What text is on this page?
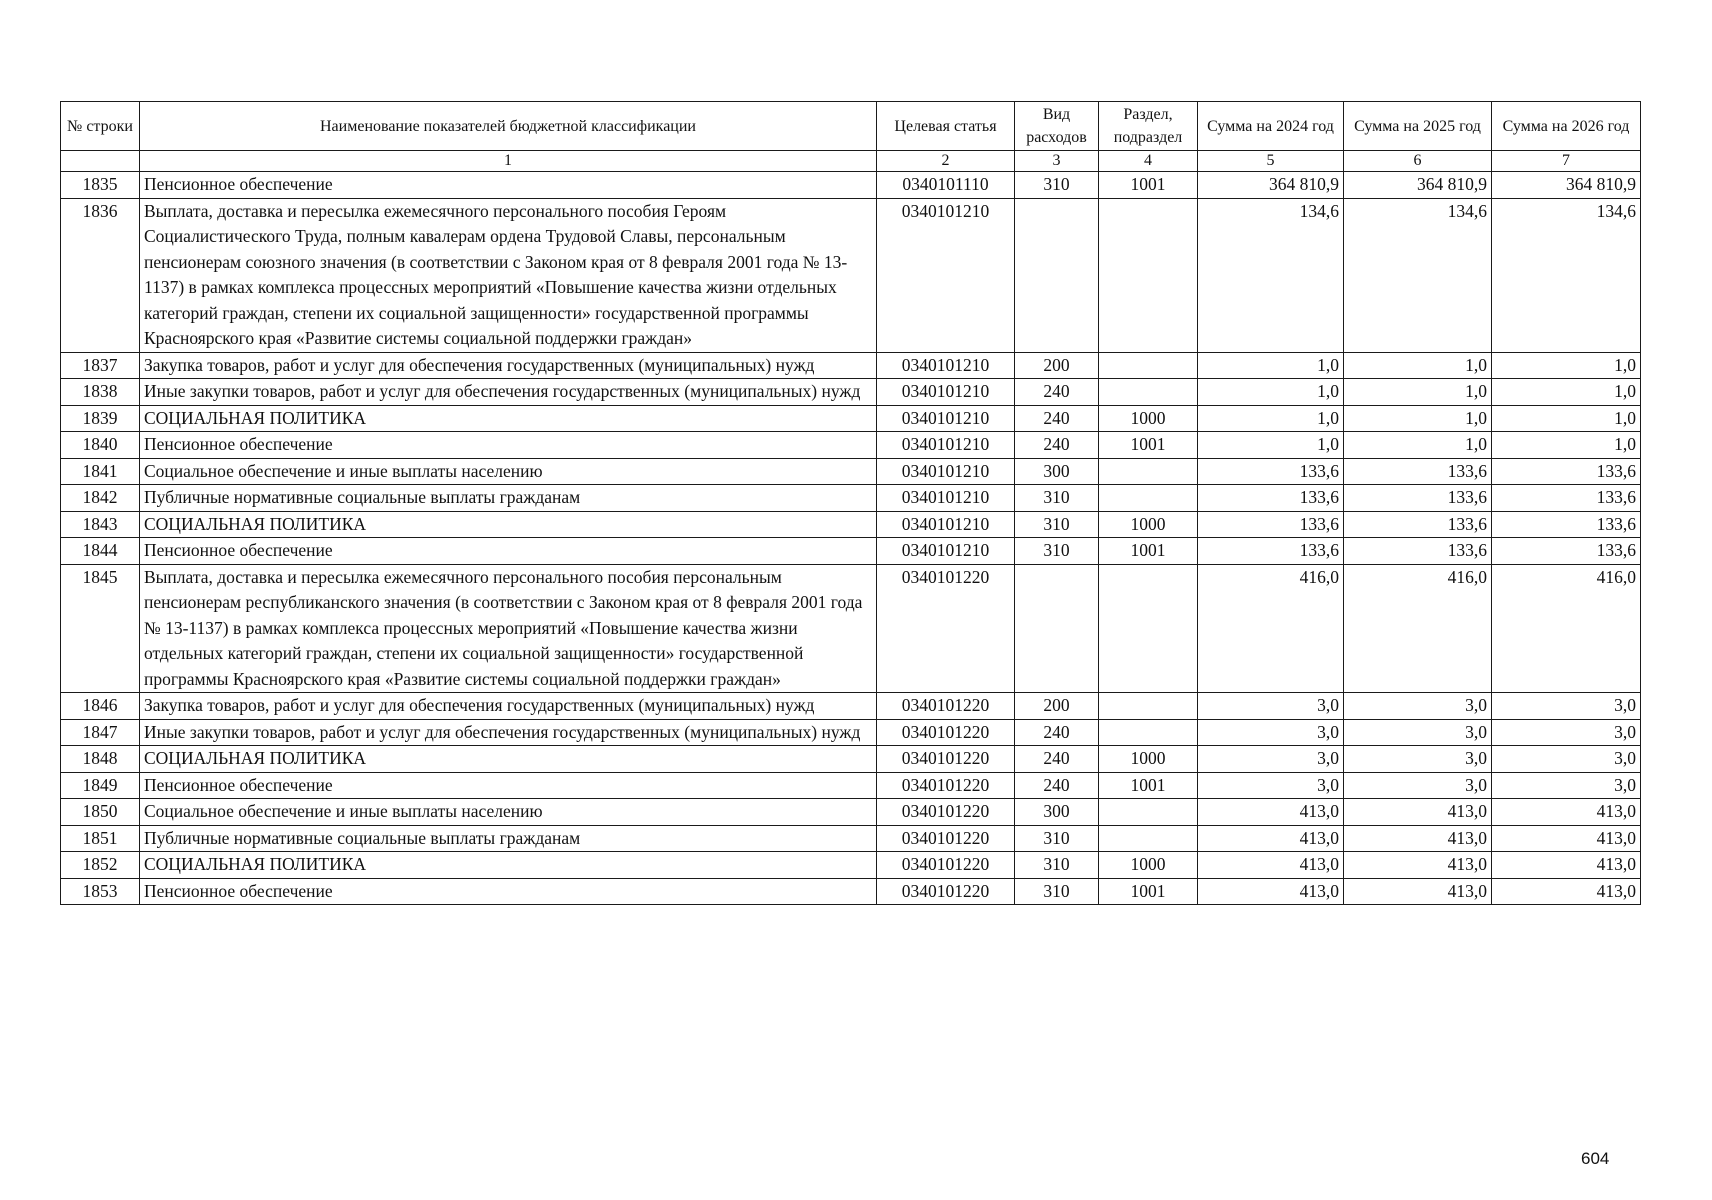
№ строки	Наименование показателей бюджетной классификации	Целевая статья	Вид расходов	Раздел, подраздел	Сумма на 2024 год	Сумма на 2025 год	Сумма на 2026 год
	1	2	3	4	5	6	7
1835	Пенсионное обеспечение	0340101110	310	1001	364 810,9	364 810,9	364 810,9
1836	Выплата, доставка и пересылка ежемесячного персонального пособия Героям Социалистического Труда, полным кавалерам ордена Трудовой Славы, персональным пенсионерам союзного значения (в соответствии с Законом края от 8 февраля 2001 года № 13-1137) в рамках комплекса процессных мероприятий «Повышение качества жизни отдельных категорий граждан, степени их социальной защищенности» государственной программы Красноярского края «Развитие системы социальной поддержки граждан»	0340101210			134,6	134,6	134,6
1837	Закупка товаров, работ и услуг для обеспечения государственных (муниципальных) нужд	0340101210	200		1,0	1,0	1,0
1838	Иные закупки товаров, работ и услуг для обеспечения государственных (муниципальных) нужд	0340101210	240		1,0	1,0	1,0
1839	СОЦИАЛЬНАЯ ПОЛИТИКА	0340101210	240	1000	1,0	1,0	1,0
1840	Пенсионное обеспечение	0340101210	240	1001	1,0	1,0	1,0
1841	Социальное обеспечение и иные выплаты населению	0340101210	300		133,6	133,6	133,6
1842	Публичные нормативные социальные выплаты гражданам	0340101210	310		133,6	133,6	133,6
1843	СОЦИАЛЬНАЯ ПОЛИТИКА	0340101210	310	1000	133,6	133,6	133,6
1844	Пенсионное обеспечение	0340101210	310	1001	133,6	133,6	133,6
1845	Выплата, доставка и пересылка ежемесячного персонального пособия персональным пенсионерам республиканского значения (в соответствии с Законом края от 8 февраля 2001 года № 13-1137) в рамках комплекса процессных мероприятий «Повышение качества жизни отдельных категорий граждан, степени их социальной защищенности» государственной программы Красноярского края «Развитие системы социальной поддержки граждан»	0340101220			416,0	416,0	416,0
1846	Закупка товаров, работ и услуг для обеспечения государственных (муниципальных) нужд	0340101220	200		3,0	3,0	3,0
1847	Иные закупки товаров, работ и услуг для обеспечения государственных (муниципальных) нужд	0340101220	240		3,0	3,0	3,0
1848	СОЦИАЛЬНАЯ ПОЛИТИКА	0340101220	240	1000	3,0	3,0	3,0
1849	Пенсионное обеспечение	0340101220	240	1001	3,0	3,0	3,0
1850	Социальное обеспечение и иные выплаты населению	0340101220	300		413,0	413,0	413,0
1851	Публичные нормативные социальные выплаты гражданам	0340101220	310		413,0	413,0	413,0
1852	СОЦИАЛЬНАЯ ПОЛИТИКА	0340101220	310	1000	413,0	413,0	413,0
1853	Пенсионное обеспечение	0340101220	310	1001	413,0	413,0	413,0
604
